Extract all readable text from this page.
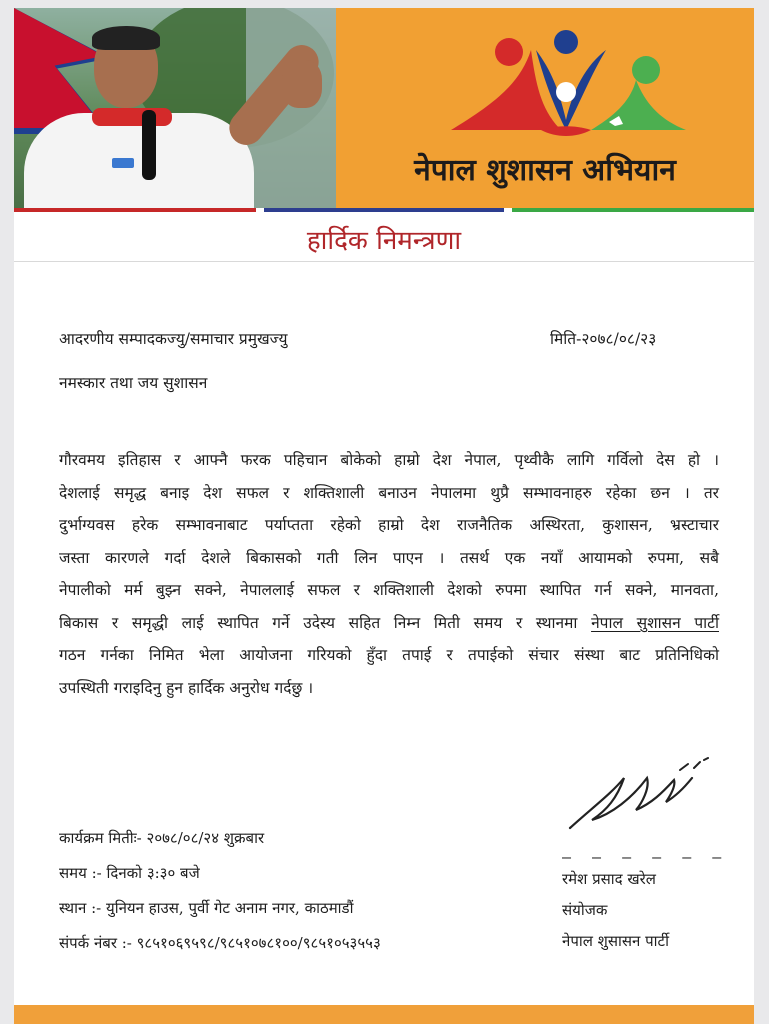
नेपाल शुशासन अभियान
हार्दिक निमन्त्रणा
आदरणीय सम्पादकज्यु/समाचार प्रमुखज्यु	मिति-२०७८/०८/२३
नमस्कार तथा जय सुशासन
गौरवमय इतिहास र आफ्नै फरक पहिचान बोकेको हाम्रो देश नेपाल, पृथ्वीकै लागि गर्विलो देस हो ।
देशलाई समृद्ध बनाइ देश सफल र शक्तिशाली बनाउन नेपालमा थुप्रै सम्भावनाहरु रहेका छन । तर
दुर्भाग्यवस हरेक सम्भावनाबाट पर्याप्तता रहेको हाम्रो देश राजनैतिक अस्थिरता, कुशासन, भ्रस्टाचार
जस्ता कारणले गर्दा देशले बिकासको गती लिन पाएन । तसर्थ एक नयाँ आयामको रुपमा, सबै
नेपालीको मर्म बुझ्न सक्ने, नेपाललाई सफल र शक्तिशाली देशको रुपमा स्थापित गर्न सक्ने, मानवता,
बिकास र समृद्धी लाई स्थापित गर्ने उदेस्य सहित निम्न मिती समय र स्थानमा नेपाल सुशासन पार्टी
गठन गर्नका निमित भेला आयोजना गरियको हुँदा तपाई र तपाईको संचार संस्था बाट प्रतिनिधिको
उपस्थिती गराइदिनु हुन हार्दिक अनुरोध गर्दछु ।
कार्यक्रम मितीः- २०७८/०८/२४ शुक्रबार
समय :- दिनको ३:३० बजे
स्थान :- युनियन हाउस, पुर्वी गेट अनाम नगर, काठमाडौं
संपर्क नंबर :- ९८५१०६९५९८/९८५१०७८१००/९८५१०५३५५३
— — — — — —
रमेश प्रसाद खरेल
संयोजक
नेपाल शुसासन पार्टी
